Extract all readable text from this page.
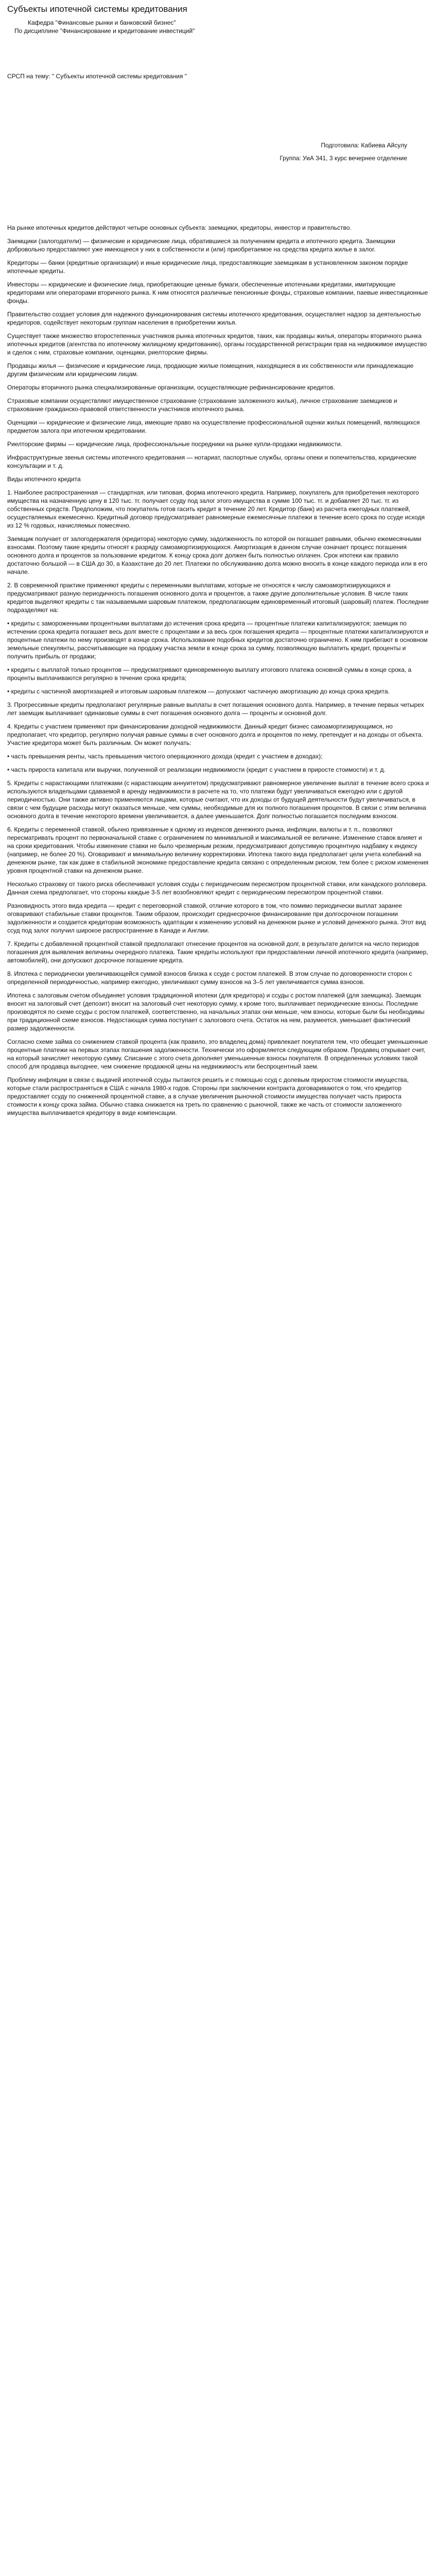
Субъекты ипотечной системы кредитования
Кафедра "Финансовые рынки и банковский бизнес"
По дисциплине "Финансирование и кредитование инвестиций"
СРСП на тему: " Субъекты ипотечной системы кредитования "
Подготовила: Кабиева Айсулу
Группа: УиА 341, 3 курс вечернее отделение

На рынке ипотечных кредитов действуют четыре основных субъекта: заемщики, кредиторы, инвестор и правительство.

Заемщики (залогодатели) — физические и юридические лица, обратившиеся за получением кредита и ипотечного кредита. Заемщики добровольно предоставляют уже имеющееся у них в собственности и (или) приобретаемое на средства кредита жилье в залог.

Кредиторы — банки (кредитные организации) и иные юридические лица, предоставляющие заемщикам в установленном законом порядке ипотечные кредиты.

Инвесторы — юридические и физические лица, приобретающие ценные бумаги, обеспеченные ипотечными кредитами, имитирующие кредиторами или операторами вторичного рынка. К ним относятся различные пенсионные фонды, страховые компании, паевые инвестиционные фонды.

Правительство создает условия для надежного функционирования системы ипотечного кредитования, осуществляет надзор за деятельностью кредиторов, содействует некоторым группам населения в приобретении жилья.

Существует также множество второстепенных участников рынка ипотечных кредитов, таких, как продавцы жилья, операторы вторичного рынка ипотечных кредитов (агентства по ипотечному жилищному кредитованию), органы государственной регистрации прав на недвижимое имущество и сделок с ним, страховые компании, оценщики, риелторские фирмы.

Продавцы жилья — физические и юридические лица, продающие жилые помещения, находящиеся в их собственности или принадлежащие другим физическим или юридическим лицам.

Операторы вторичного рынка специализированные организации, осуществляющие рефинансирование кредитов.

Страховые компании осуществляют имущественное страхование (страхование заложенного жилья), личное страхование заемщиков и страхование гражданско-правовой ответственности участников ипотечного рынка.

Оценщики — юридические и физические лица, имеющие право на осуществление профессиональной оценки жилых помещений, являющихся предметом залога при ипотечном кредитовании.

Риелторские фирмы — юридические лица, профессиональные посредники на рынке купли-продажи недвижимости.

Инфраструктурные звенья системы ипотечного кредитования — нотариат, паспортные службы, органы опеки и попечительства, юридические консультации и т. д.

Виды ипотечного кредита

1. Наиболее распространенная — стандартная, или типовая, форма ипотечного кредита. Например, покупатель для приобретения некоторого имущества на назначенную цену в 120 тыс. тг. получает ссуду под залог этого имущества в сумме 100 тыс. тг. и добавляет 20 тыс. тг. из собственных средств. Предположим, что покупатель готов гасить кредит в течение 20 лет. Кредитор (банк) из расчета ежегодных платежей, осуществляемых ежемесячно. Кредитный договор предусматривает равномерные ежемесячные платежи в течение всего срока по ссуде исходя из 12 % годовых, начисляемых помесячно.

Заемщик получает от залогодержателя (кредитора) некоторую сумму, задолженность по которой он погашает равными, обычно ежемесячными взносами. Поэтому такие кредиты относят к разряду самоамортизирующихся. Амортизация в данном случае означает процесс погашения основного долга и процентов за пользование кредитом. К концу срока долг должен быть полностью оплачен. Срок ипотеки как правило достаточно большой — в США до 30, а Казахстане до 20 лет. Платежи по обслуживанию долга можно вносить в конце каждого периода или в его начале.

2. В современной практике применяют кредиты с переменными выплатами, которые не относятся к числу самоамортизирующихся и предусматривают разную периодичность погашения основного долга и процентов, а также другие дополнительные условия. В числе таких кредитов выделяют кредиты с так называемыми шаровым платежом, предполагающим единовременный итоговый (шаровый) платеж. Последние подразделяют на:

• кредиты с замороженными процентными выплатами до истечения срока кредита — процентные платежи капитализируются; заемщик по истечении срока кредита погашает весь долг вместе с процентами и за весь срок погашения кредита — процентные платежи капитализируются и процентные платежи по нему производят в конце срока. Использование подобных кредитов достаточно ограничено. К ним прибегают в основном земельные спекулянты, рассчитывающие на продажу участка земли в конце срока за сумму, позволяющую выплатить кредит, проценты и получить прибыль от продажи;

• кредиты с выплатой только процентов — предусматривают единовременную выплату итогового платежа основной суммы в конце срока, а проценты выплачиваются регулярно в течение срока кредита;

• кредиты с частичной амортизацией и итоговым шаровым платежом — допускают частичную амортизацию до конца срока кредита.

3. Прогрессивные кредиты предполагают регулярные равные выплаты в счет погашения основного долга. Например, в течение первых четырех лет заемщик выплачивает одинаковые суммы в счет погашения основного долга — проценты и основной долг.

4. Кредиты с участием применяют при финансировании доходной недвижимости. Данный кредит бизнес самоамортизирующимся, но предполагает, что кредитор, регулярно получая равные суммы в счет основного долга и процентов по нему, претендует и на доходы от объекта. Участие кредитора может быть различным. Он может получать:

• часть превышения ренты, часть превышения чистого операционного дохода (кредит с участием в доходах);

• часть прироста капитала или выручки, полученной от реализации недвижимости (кредит с участием в приросте стоимости) и т. д.

5. Кредиты с нарастающими платежами (с нарастающим аннуитетом) предусматривают равномерное увеличение выплат в течение всего срока и используются владельцами сдаваемой в аренду недвижимости в расчете на то, что платежи будут увеличиваться ежегодно или с другой периодичностью. Они также активно применяются лицами, которые считают, что их доходы от будущей деятельности будут увеличиваться, в связи с чем будущие расходы могут оказаться меньше, чем суммы, необходимые для их полного погашения процентов. В связи с этим величина основного долга в течение некоторого времени увеличивается, а далее уменьшается. Долг полностью погашается последним взносом.

6. Кредиты с переменной ставкой, обычно привязанные к одному из индексов денежного рынка, инфляции, валюты и т. п., позволяют пересматривать процент по первоначальной ставке с ограничением по минимальной и максимальной ее величине. Изменение ставок влияет и на сроки кредитования. Чтобы изменение ставки не было чрезмерным резким, предусматривают допустимую процентную надбавку к индексу (например, не более 20 %). Оговаривают и минимальную величину корректировки. Ипотека такого вида предполагает цели учета колебаний на денежном рынке, так как даже в стабильной экономике предоставление кредита связано с определенным риском, тем более с риском изменения уровня процентной ставки на денежном рынке.

Несколько страховку от такого риска обеспечивают условия ссуды с периодическим пересмотром процентной ставки, или канадского ролловера. Данная схема предполагает, что стороны каждые 3-5 лет возобновляют кредит с периодическим пересмотром процентной ставки.

Разновидность этого вида кредита — кредит с переговорной ставкой, отличие которого в том, что помимо периодически выплат заранее оговаривают стабильные ставки процентов. Таким образом, происходит среднесрочное финансирование при долгосрочном погашении задолженности и создается кредиторам возможность адаптации к изменению условий на денежном рынке и условий денежного рынка. Этот вид ссуд под залог получил широкое распространение в Канаде и Англии.

7. Кредиты с добавленной процентной ставкой предполагают отнесение процентов на основной долг, в результате делится на число периодов погашения для выявления величины очередного платежа. Такие кредиты используют при предоставлении личной ипотечного кредита (например, автомобилей), они допускают досрочное погашение кредита.

8. Ипотека с периодически увеличивающейся суммой взносов близка к ссуде с ростом платежей. В этом случае по договоренности сторон с определенной периодичностью, например ежегодно, увеличивают сумму взносов на 3–5 лет увеличивается сумма взносов.

Ипотека с залоговым счетом объединяет условия традиционной ипотеки (для кредитора) и ссуды с ростом платежей (для заемщика). Заемщик вносит на залоговый счет (депозит) вносит на залоговый счет некоторую сумму, к кроме того, выплачивает периодические взносы. Последние производятся по схеме ссуды с ростом платежей, соответственно, на начальных этапах они меньше, чем взносы, которые были бы необходимы при традиционной схеме взносов. Недостающая сумма поступает с залогового счета. Остаток на нем, разумеется, уменьшает фактический размер задолженности.

Согласно схеме займа со снижением ставкой процента (как правило, это владелец дома) привлекает покупателя тем, что обещает уменьшенные процентные платежи на первых этапах погашения задолженности. Технически это оформляется следующим образом. Продавец открывает счет, на который зачисляет некоторую сумму. Списание с этого счета дополняет уменьшенные взносы покупателя. В определенных условиях такой способ для продавца выгоднее, чем снижение продажной цены на недвижимость или беспроцентный заем.

Проблему инфляции в связи с выдачей ипотечной ссуды пытаются решить и с помощью ссуд с долевым приростом стоимости имущества, которые стали распространяться в США с начала 1980-х годов. Стороны при заключении контракта договариваются о том, что кредитор предоставляет ссуду по сниженной процентной ставке, а в случае увеличения рыночной стоимости имущества получает часть прироста стоимости к концу срока займа. Обычно ставка снижается на треть по сравнению с рыночной, также же часть от стоимости заложенного имущества выплачивается кредитору в виде компенсации.
